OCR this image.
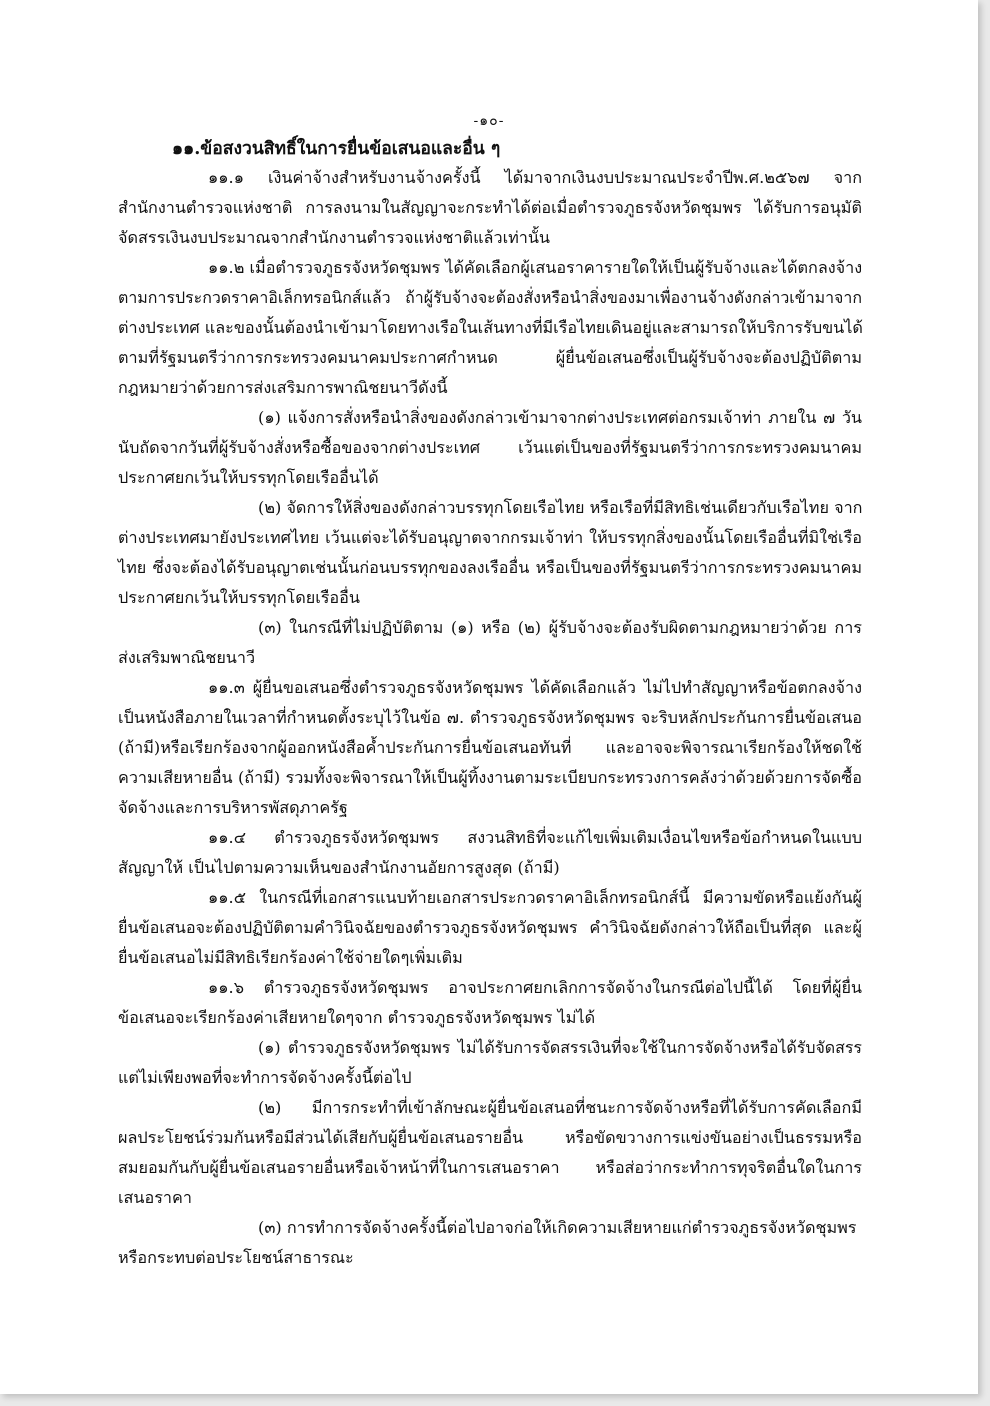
-๑๐-
๑๑.ข้อสงวนสิทธิ์ในการยื่นข้อเสนอและอื่น ๆ
๑๑.๑ เงินค่าจ้างสำหรับงานจ้างครั้งนี้ ได้มาจากเงินงบประมาณประจำปีพ.ศ.๒๕๖๗ จาก
สำนักงานตำรวจแห่งชาติ การลงนามในสัญญาจะกระทำได้ต่อเมื่อตำรวจภูธรจังหวัดชุมพร ได้รับการอนุมัติ
จัดสรรเงินงบประมาณจากสำนักงานตำรวจแห่งชาติแล้วเท่านั้น
๑๑.๒ เมื่อตำรวจภูธรจังหวัดชุมพร ได้คัดเลือกผู้เสนอราคารายใดให้เป็นผู้รับจ้างและได้ตกลงจ้าง
ตามการประกวดราคาอิเล็กทรอนิกส์แล้ว ถ้าผู้รับจ้างจะต้องสั่งหรือนำสิ่งของมาเพื่องานจ้างดังกล่าวเข้ามาจาก
ต่างประเทศ และของนั้นต้องนำเข้ามาโดยทางเรือในเส้นทางที่มีเรือไทยเดินอยู่และสามารถให้บริการรับขนได้
ตามที่รัฐมนตรีว่าการกระทรวงคมนาคมประกาศกำหนด ผู้ยื่นข้อเสนอซึ่งเป็นผู้รับจ้างจะต้องปฏิบัติตาม
กฎหมายว่าด้วยการส่งเสริมการพาณิชยนาวีดังนี้
(๑) แจ้งการสั่งหรือนำสิ่งของดังกล่าวเข้ามาจากต่างประเทศต่อกรมเจ้าท่า ภายใน ๗ วัน
นับถัดจากวันที่ผู้รับจ้างสั่งหรือซื้อของจากต่างประเทศ เว้นแต่เป็นของที่รัฐมนตรีว่าการกระทรวงคมนาคม
ประกาศยกเว้นให้บรรทุกโดยเรืออื่นได้
(๒) จัดการให้สิ่งของดังกล่าวบรรทุกโดยเรือไทย หรือเรือที่มีสิทธิเช่นเดียวกับเรือไทย จาก
ต่างประเทศมายังประเทศไทย เว้นแต่จะได้รับอนุญาตจากกรมเจ้าท่า ให้บรรทุกสิ่งของนั้นโดยเรืออื่นที่มิใช่เรือ
ไทย ซึ่งจะต้องได้รับอนุญาตเช่นนั้นก่อนบรรทุกของลงเรืออื่น หรือเป็นของที่รัฐมนตรีว่าการกระทรวงคมนาคม
ประกาศยกเว้นให้บรรทุกโดยเรืออื่น
(๓) ในกรณีที่ไม่ปฏิบัติตาม (๑) หรือ (๒) ผู้รับจ้างจะต้องรับผิดตามกฎหมายว่าด้วย การ
ส่งเสริมพาณิชยนาวี
๑๑.๓ ผู้ยื่นขอเสนอซึ่งตำรวจภูธรจังหวัดชุมพร ได้คัดเลือกแล้ว ไม่ไปทำสัญญาหรือข้อตกลงจ้าง
เป็นหนังสือภายในเวลาที่กำหนดตั้งระบุไว้ในข้อ ๗. ตำรวจภูธรจังหวัดชุมพร จะริบหลักประกันการยื่นข้อเสนอ
(ถ้ามี)หรือเรียกร้องจากผู้ออกหนังสือค้ำประกันการยื่นข้อเสนอทันที่ และอาจจะพิจารณาเรียกร้องให้ชดใช้
ความเสียหายอื่น (ถ้ามี) รวมทั้งจะพิจารณาให้เป็นผู้ทิ้งงานตามระเบียบกระทรวงการคลังว่าด้วยด้วยการจัดซื้อ
จัดจ้างและการบริหารพัสดุภาครัฐ
๑๑.๔ ตำรวจภูธรจังหวัดชุมพร สงวนสิทธิที่จะแก้ไขเพิ่มเติมเงื่อนไขหรือข้อกำหนดในแบบ
สัญญาให้ เป็นไปตามความเห็นของสำนักงานอัยการสูงสุด (ถ้ามี)
๑๑.๕ ในกรณีที่เอกสารแนบท้ายเอกสารประกวดราคาอิเล็กทรอนิกส์นี้ มีความขัดหรือแย้งกันผู้
ยื่นข้อเสนอจะต้องปฏิบัติตามคำวินิจฉัยของตำรวจภูธรจังหวัดชุมพร คำวินิจฉัยดังกล่าวให้ถือเป็นที่สุด และผู้
ยื่นข้อเสนอไม่มีสิทธิเรียกร้องค่าใช้จ่ายใดๆเพิ่มเติม
๑๑.๖ ตำรวจภูธรจังหวัดชุมพร อาจประกาศยกเลิกการจัดจ้างในกรณีต่อไปนี้ได้ โดยที่ผู้ยื่น
ข้อเสนอจะเรียกร้องค่าเสียหายใดๆจาก ตำรวจภูธรจังหวัดชุมพร ไม่ได้
(๑) ตำรวจภูธรจังหวัดชุมพร ไม่ได้รับการจัดสรรเงินที่จะใช้ในการจัดจ้างหรือได้รับจัดสรร
แต่ไม่เพียงพอที่จะทำการจัดจ้างครั้งนี้ต่อไป
(๒) มีการกระทำที่เข้าลักษณะผู้ยื่นข้อเสนอที่ชนะการจัดจ้างหรือที่ได้รับการคัดเลือกมี
ผลประโยชน์ร่วมกันหรือมีส่วนได้เสียกับผู้ยื่นข้อเสนอรายอื่น หรือขัดขวางการแข่งขันอย่างเป็นธรรมหรือ
สมยอมกันกับผู้ยื่นข้อเสนอรายอื่นหรือเจ้าหน้าที่ในการเสนอราคา หรือส่อว่ากระทำการทุจริตอื่นใดในการ
เสนอราคา
(๓) การทำการจัดจ้างครั้งนี้ต่อไปอาจก่อให้เกิดความเสียหายแก่ตำรวจภูธรจังหวัดชุมพร
หรือกระทบต่อประโยชน์สาธารณะ
